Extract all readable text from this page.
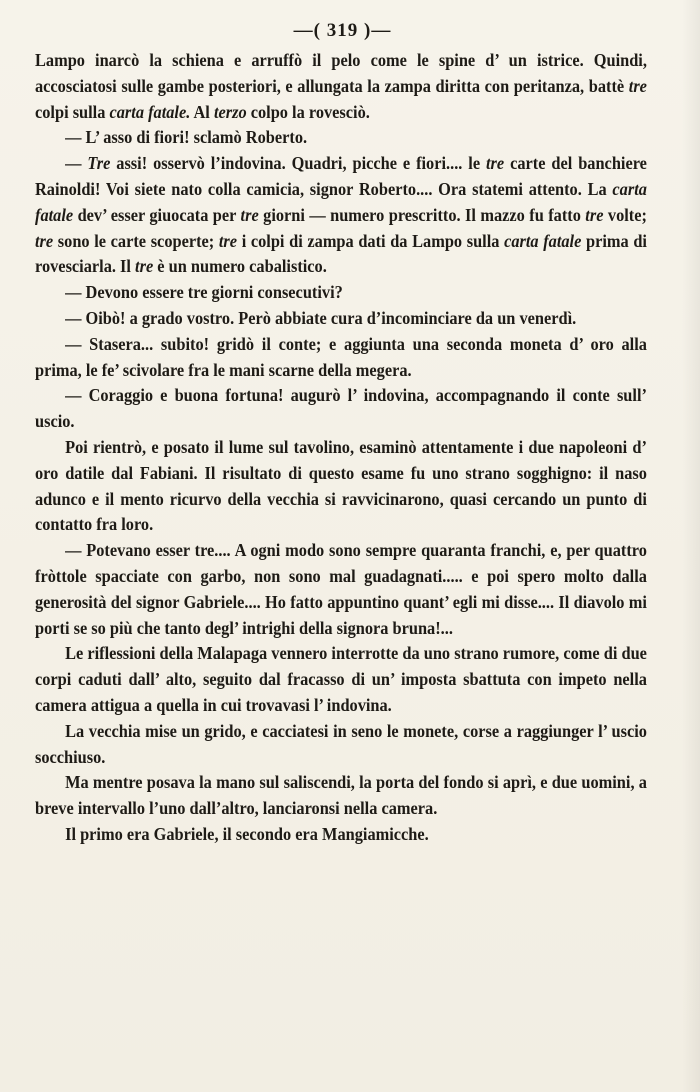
—( 319 )—

Lampo inarcò la schiena e arruffò il pelo come le spine d’ un istrice. Quindi, accosciatosi sulle gambe posteriori, e allungata la zampa diritta con peritanza, battè tre colpi sulla carta fatale. Al terzo colpo la rovesciò.

— L’ asso di fiori! sclamò Roberto.

— Tre assi! osservò l’indovina. Quadri, picche e fiori.... le tre carte del banchiere Rainoldi! Voi siete nato colla camicia, signor Roberto.... Ora statemi attento. La carta fatale dev’ esser giuocata per tre giorni — numero prescritto. Il mazzo fu fatto tre volte; tre sono le carte scoperte; tre i colpi di zampa dati da Lampo sulla carta fatale prima di rovesciarla. Il tre è un numero cabalistico.

— Devono essere tre giorni consecutivi?

— Oibò! a grado vostro. Però abbiate cura d’incominciare da un venerdì.

— Stasera... subito! gridò il conte; e aggiunta una seconda moneta d’ oro alla prima, le fe’ scivolare fra le mani scarne della megera.

— Coraggio e buona fortuna! augurò l’ indovina, accompagnando il conte sull’ uscio.

Poi rientrò, e posato il lume sul tavolino, esaminò attentamente i due napoleoni d’ oro datile dal Fabiani. Il risultato di questo esame fu uno strano sogghigno: il naso adunco e il mento ricurvo della vecchia si ravvicinarono, quasi cercando un punto di contatto fra loro.

— Potevano esser tre.... A ogni modo sono sempre quaranta franchi, e, per quattro fròttole spacciate con garbo, non sono mal guadagnati..... e poi spero molto dalla generosità del signor Gabriele.... Ho fatto appuntino quant’ egli mi disse.... Il diavolo mi porti se so più che tanto degl’ intrighi della signora bruna!...

Le riflessioni della Malapaga vennero interrotte da uno strano rumore, come di due corpi caduti dall’ alto, seguito dal fracasso di un’ imposta sbattuta con impeto nella camera attigua a quella in cui trovavasi l’ indovina.

La vecchia mise un grido, e cacciatesi in seno le monete, corse a raggiunger l’ uscio socchiuso.

Ma mentre posava la mano sul saliscendi, la porta del fondo si aprì, e due uomini, a breve intervallo l’uno dall’altro, lanciaronsi nella camera.

Il primo era Gabriele, il secondo era Mangiamicche.
